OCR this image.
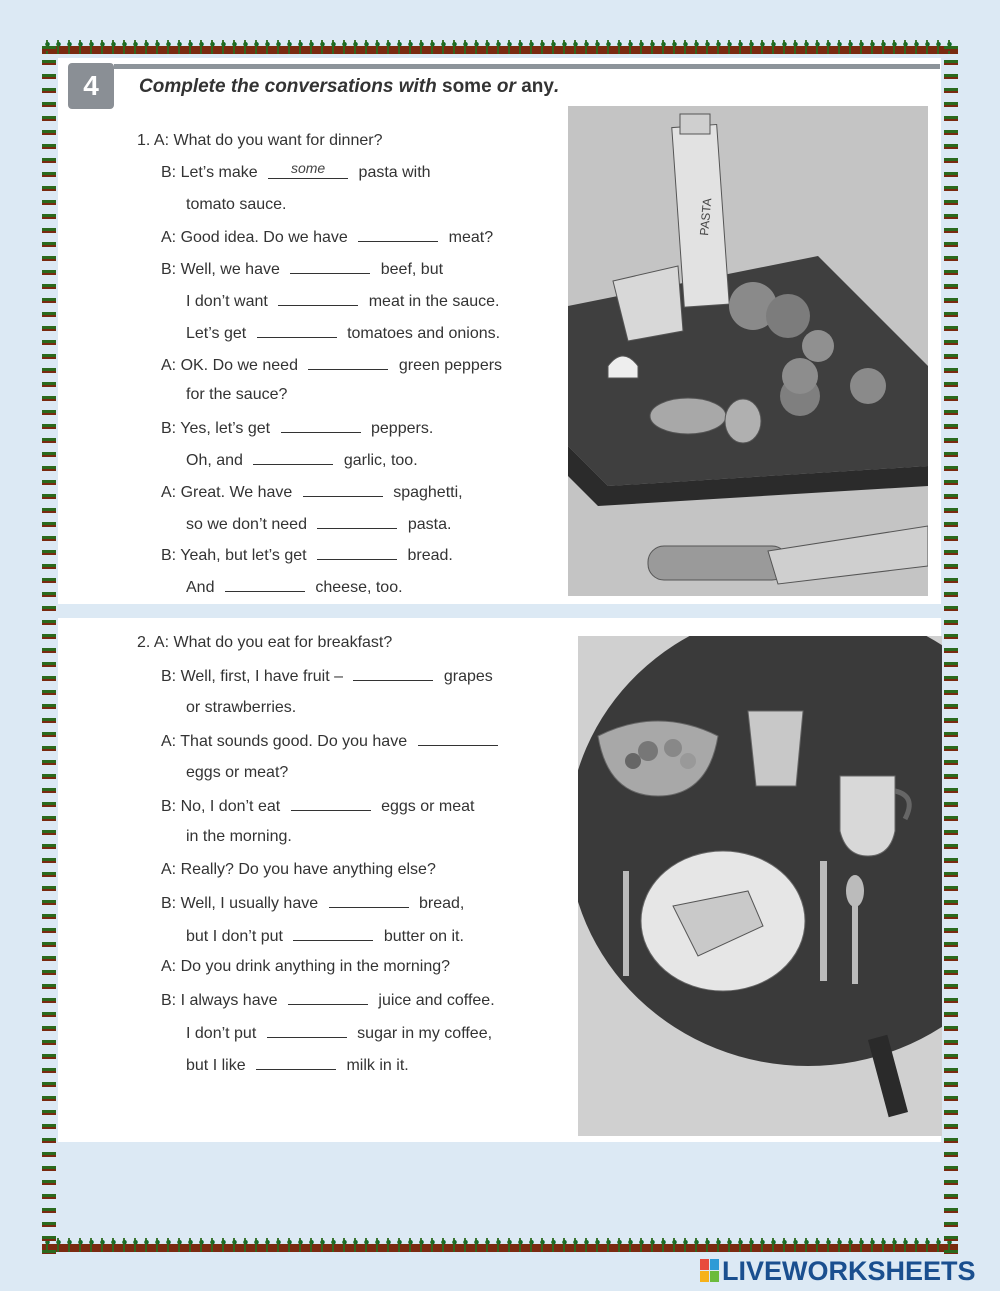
4	Complete the conversations with some or any.
1. A: What do you want for dinner?
B: Let’s make some pasta with
tomato sauce.
A: Good idea. Do we have	meat?
B: Well, we have	beef, but
I don’t want	meat in the sauce.
Let’s get	tomatoes and onions.
A: OK. Do we need	green peppers
for the sauce?
B: Yes, let’s get	peppers.
Oh, and	garlic, too.
A: Great. We have	spaghetti,
so we don’t need	pasta.
B: Yeah, but let’s get	bread.
And	cheese, too.
2. A: What do you eat for breakfast?
B: Well, first, I have fruit –	grapes
or strawberries.
A: That sounds good. Do you have
eggs or meat?
B: No, I don’t eat	eggs or meat
in the morning.
A: Really? Do you have anything else?
B: Well, I usually have	bread,
but I don’t put	butter on it.
A: Do you drink anything in the morning?
B: I always have	juice and coffee.
I don’t put	sugar in my coffee,
but I like	milk in it.
PASTA
LIVEWORKSHEETS
